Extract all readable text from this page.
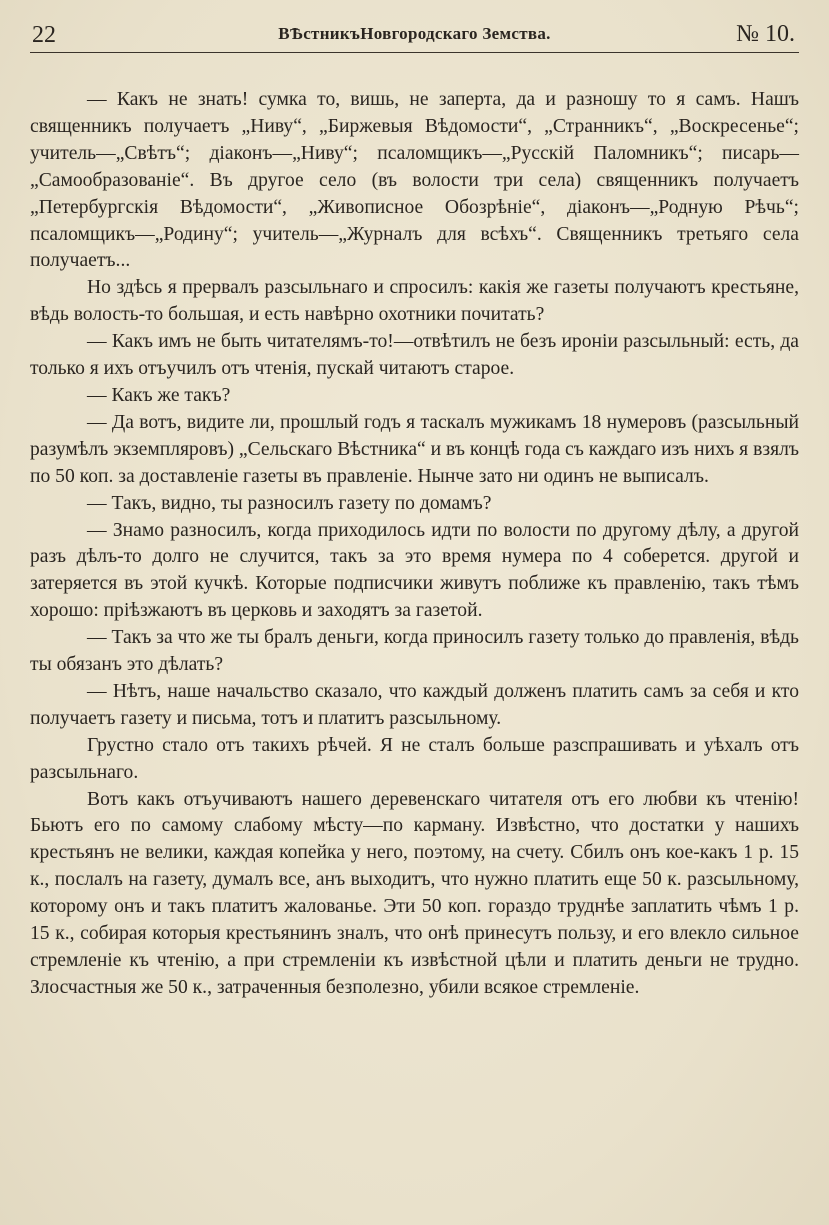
22	ВѢстникъНовгородскаго Земства.	№ 10.

— Какъ не знать! сумка то, вишь, не заперта, да и разношу то я самъ. Нашъ священникъ получаетъ „Ниву“, „Биржевыя Вѣдомости“, „Странникъ“, „Воскресенье“; учитель—„Свѣтъ“; діаконъ—„Ниву“; псаломщикъ—„Русскій Паломникъ“; писарь—„Самообразованіе“. Въ другое село (въ волости три села) священникъ получаетъ „Петербургскія Вѣдомости“, „Живописное Обозрѣніе“, діаконъ—„Родную Рѣчь“; псаломщикъ—„Родину“; учитель—„Журналъ для всѣхъ“. Священникъ третьяго села получаетъ...

Но здѣсь я прервалъ разсыльнаго и спросилъ: какія же газеты получаютъ крестьяне, вѣдь волость-то большая, и есть навѣрно охотники почитать?

— Какъ имъ не быть читателямъ-то!—отвѣтилъ не безъ ироніи разсыльный: есть, да только я ихъ отъучилъ отъ чтенія, пускай читаютъ старое.

— Какъ же такъ?

— Да вотъ, видите ли, прошлый годъ я таскалъ мужикамъ 18 нумеровъ (разсыльный разумѣлъ экземпляровъ) „Сельскаго Вѣстника“ и въ концѣ года съ каждаго изъ нихъ я взялъ по 50 коп. за доставленіе газеты въ правленіе. Нынче зато ни одинъ не выписалъ.

— Такъ, видно, ты разносилъ газету по домамъ?

— Знамо разносилъ, когда приходилось идти по волости по другому дѣлу, а другой разъ дѣлъ-то долго не случится, такъ за это время нумера по 4 соберется. другой и затеряется въ этой кучкѣ. Которые подписчики живутъ поближе къ правленію, такъ тѣмъ хорошо: пріѣзжаютъ въ церковь и заходятъ за газетой.

— Такъ за что же ты бралъ деньги, когда приносилъ газету только до правленія, вѣдь ты обязанъ это дѣлать?

— Нѣтъ, наше начальство сказало, что каждый долженъ платить самъ за себя и кто получаетъ газету и письма, тотъ и платитъ разсыльному.

Грустно стало отъ такихъ рѣчей. Я не сталъ больше разспрашивать и уѣхалъ отъ разсыльнаго.

Вотъ какъ отъучиваютъ нашего деревенскаго читателя отъ его любви къ чтенію! Бьютъ его по самому слабому мѣсту—по карману. Извѣстно, что достатки у нашихъ крестьянъ не велики, каждая копейка у него, поэтому, на счету. Сбилъ онъ кое-какъ 1 р. 15 к., послалъ на газету, думалъ все, анъ выходитъ, что нужно платить еще 50 к. разсыльному, которому онъ и такъ платитъ жалованье. Эти 50 коп. гораздо труднѣе заплатить чѣмъ 1 р. 15 к., собирая которыя крестьянинъ зналъ, что онѣ принесутъ пользу, и его влекло сильное стремленіе къ чтенію, а при стремленіи къ извѣстной цѣли и платить деньги не трудно. Злосчастныя же 50 к., затраченныя безполезно, убили всякое стремленіе.
